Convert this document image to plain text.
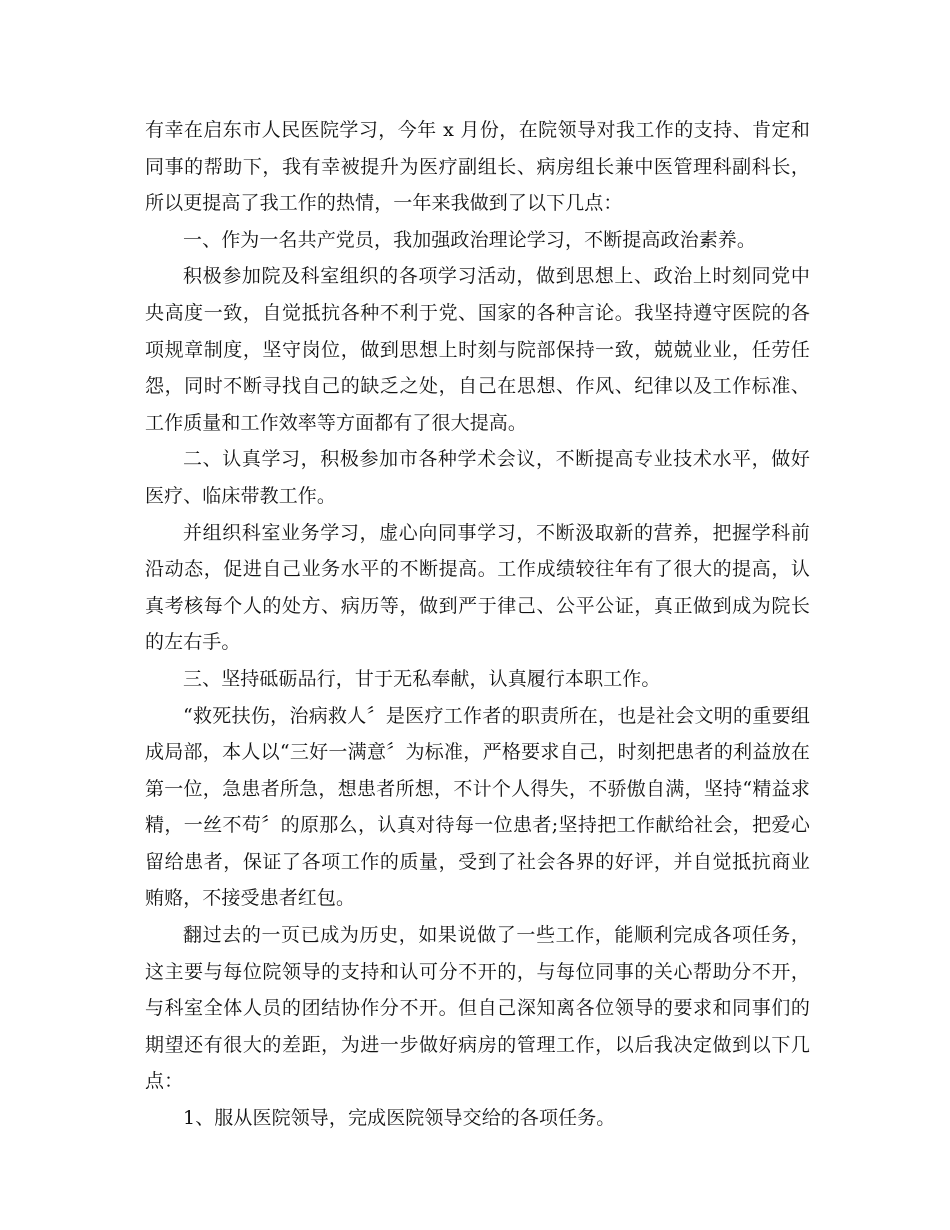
有幸在启东市人民医院学习，今年 x 月份，在院领导对我工作的支持、肯定和同事的帮助下，我有幸被提升为医疗副组长、病房组长兼中医管理科副科长，所以更提高了我工作的热情，一年来我做到了以下几点：

一、作为一名共产党员，我加强政治理论学习，不断提高政治素养。

积极参加院及科室组织的各项学习活动，做到思想上、政治上时刻同党中央高度一致，自觉抵抗各种不利于党、国家的各种言论。我坚持遵守医院的各项规章制度，坚守岗位，做到思想上时刻与院部保持一致，兢兢业业，任劳任怨，同时不断寻找自己的缺乏之处，自己在思想、作风、纪律以及工作标准、工作质量和工作效率等方面都有了很大提高。

二、认真学习，积极参加市各种学术会议，不断提高专业技术水平，做好医疗、临床带教工作。

并组织科室业务学习，虚心向同事学习，不断汲取新的营养，把握学科前沿动态，促进自己业务水平的不断提高。工作成绩较往年有了很大的提高，认真考核每个人的处方、病历等，做到严于律己、公平公证，真正做到成为院长的左右手。

三、坚持砥砺品行，甘于无私奉献，认真履行本职工作。

“救死扶伤，治病救人〞是医疗工作者的职责所在，也是社会文明的重要组成局部，本人以“三好一满意〞为标准，严格要求自己，时刻把患者的利益放在第一位，急患者所急，想患者所想，不计个人得失，不骄傲自满，坚持“精益求精，一丝不苟〞的原那么，认真对待每一位患者;坚持把工作献给社会，把爱心留给患者，保证了各项工作的质量，受到了社会各界的好评，并自觉抵抗商业贿赂，不接受患者红包。

翻过去的一页已成为历史，如果说做了一些工作，能顺利完成各项任务，这主要与每位院领导的支持和认可分不开的，与每位同事的关心帮助分不开，与科室全体人员的团结协作分不开。但自己深知离各位领导的要求和同事们的期望还有很大的差距，为进一步做好病房的管理工作，以后我决定做到以下几点：

1、服从医院领导，完成医院领导交给的各项任务。
